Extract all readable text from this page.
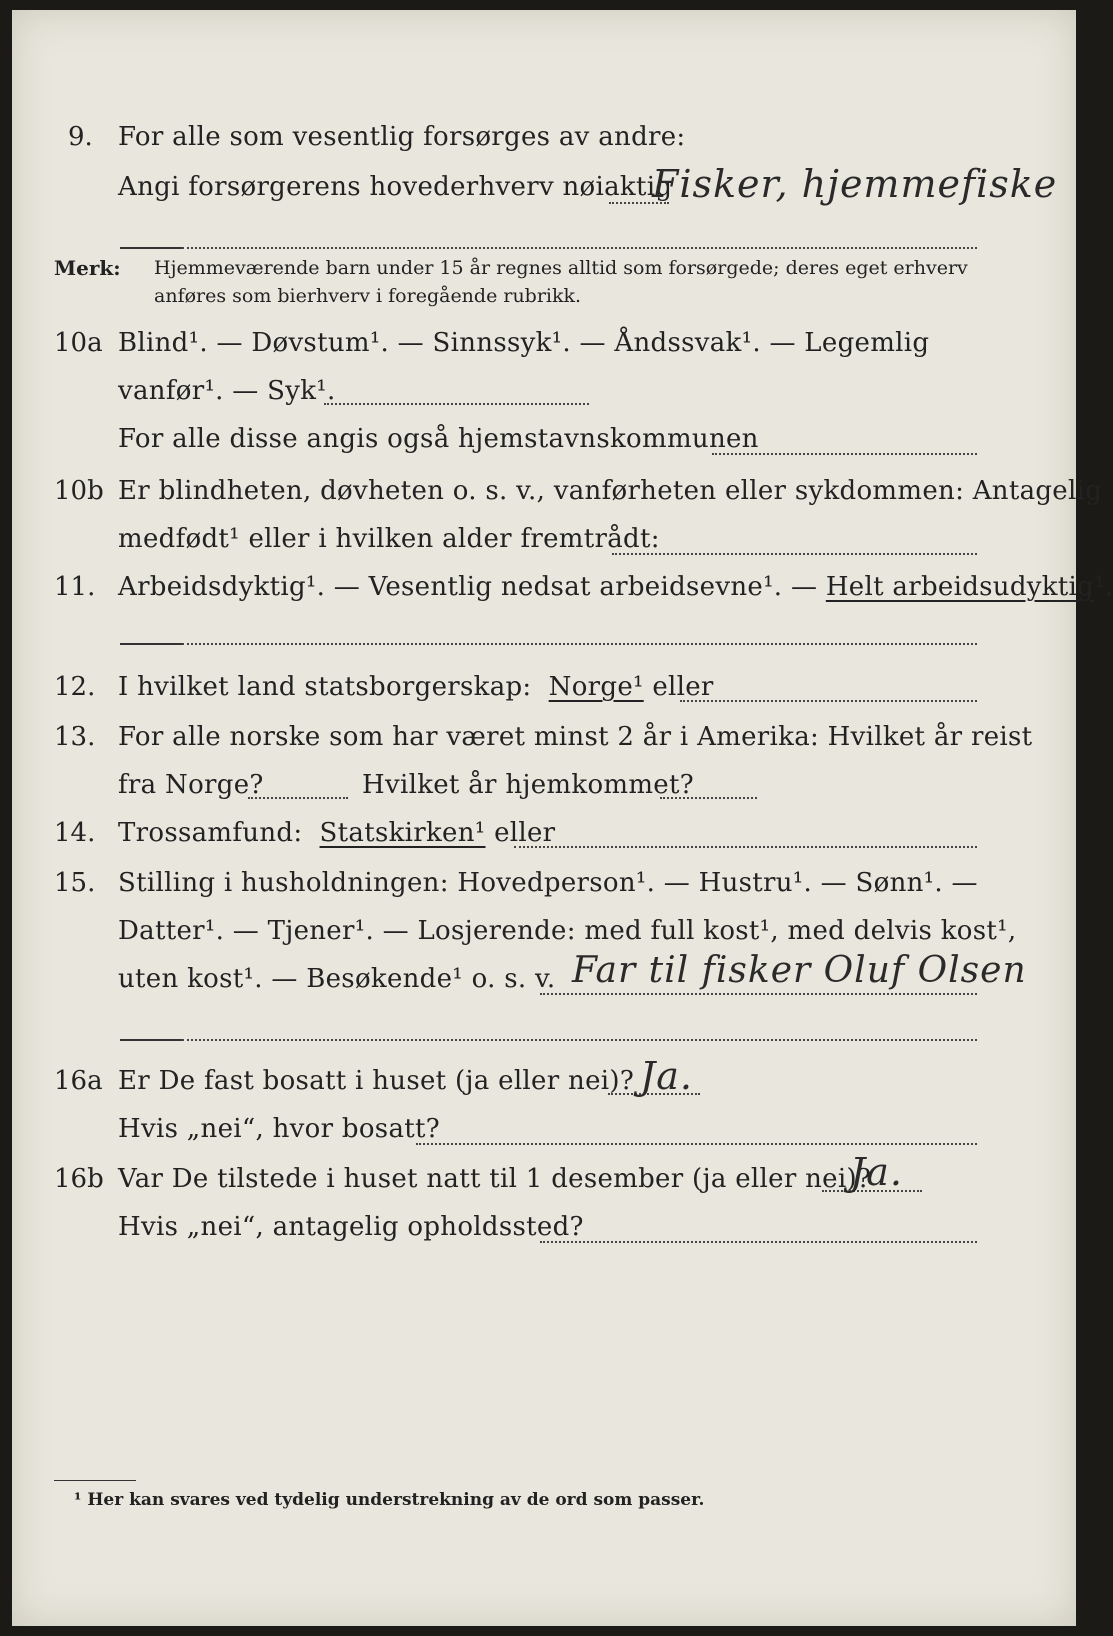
9. For alle som vesentlig forsørges av andre:
Angi forsørgerens hovederhverv nøiaktig
Fisker, hjemmefiske
Merk: Hjemmeværende barn under 15 år regnes alltid som forsørgede; deres eget erhverv
anføres som bierhverv i foregående rubrikk.
10a Blind¹. — Døvstum¹. — Sinnssyk¹. — Åndssvak¹. — Legemlig
vanfør¹. — Syk¹.
For alle disse angis også hjemstavnskommunen
10b Er blindheten, døvheten o. s. v., vanførheten eller sykdommen: Antagelig
medfødt¹ eller i hvilken alder fremtrådt:
11. Arbeidsdyktig¹. — Vesentlig nedsat arbeidsevne¹. — Helt arbeidsudyktig¹.
12. I hvilket land statsborgerskap: Norge¹ eller
13. For alle norske som har været minst 2 år i Amerika: Hvilket år reist
fra Norge?	Hvilket år hjemkommet?
14. Trossamfund: Statskirken¹ eller
15. Stilling i husholdningen: Hovedperson¹. — Hustru¹. — Sønn¹. —
Datter¹. — Tjener¹. — Losjerende: med full kost¹, med delvis kost¹,
uten kost¹. — Besøkende¹ o. s. v. Far til fisker Oluf Olsen
16a Er De fast bosatt i huset (ja eller nei)? Ja.
Hvis „nei“, hvor bosatt?
16b Var De tilstede i huset natt til 1 desember (ja eller nei)?
Ja.
Hvis „nei“, antagelig opholdssted?
¹ Her kan svares ved tydelig understrekning av de ord som passer.
